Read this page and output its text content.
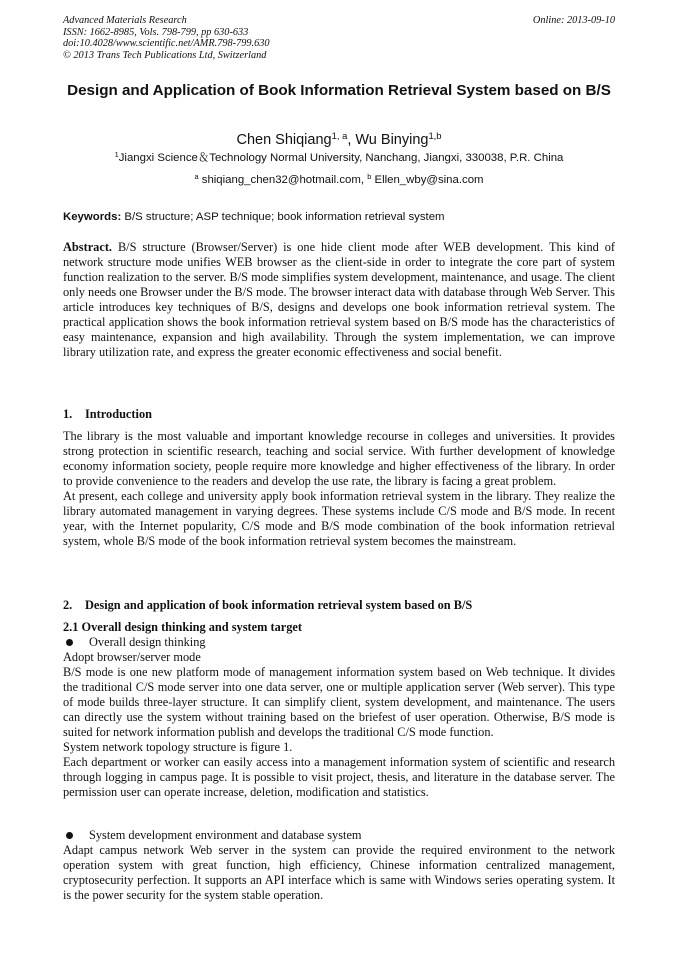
Advanced Materials Research
ISSN: 1662-8985, Vols. 798-799, pp 630-633
doi:10.4028/www.scientific.net/AMR.798-799.630
© 2013 Trans Tech Publications Ltd, Switzerland
Online: 2013-09-10
Design and Application of Book Information Retrieval System based on B/S
Chen Shiqiang$^{1, a}$, Wu Binying$^{1,b}$
$^1$Jiangxi Science＆Technology Normal University, Nanchang, Jiangxi, 330038, P.R. China
$^a$ shiqiang_chen32@hotmail.com, $^b$ Ellen_wby@sina.com
Keywords: B/S structure; ASP technique; book information retrieval system

Abstract. B/S structure (Browser/Server) is one hide client mode after WEB development. This kind of network structure mode unifies WEB browser as the client-side in order to integrate the core part of system function realization to the server. B/S mode simplifies system development, maintenance, and usage. The client only needs one Browser under the B/S mode. The browser interact data with database through Web Server. This article introduces key techniques of B/S, designs and develops one book information retrieval system. The practical application shows the book information retrieval system based on B/S mode has the characteristics of easy maintenance, expansion and high availability. Through the system implementation, we can improve library utilization rate, and express the greater economic effectiveness and social benefit.

1. Introduction

The library is the most valuable and important knowledge recourse in colleges and universities. It provides strong protection in scientific research, teaching and social service. With further development of knowledge economy information society, people require more knowledge and higher effectiveness of the library. In order to provide convenience to the readers and develop the use rate, the library is facing a great problem.

At present, each college and university apply book information retrieval system in the library. They realize the library automated management in varying degrees. These systems include C/S mode and B/S mode. In recent year, with the Internet popularity, C/S mode and B/S mode combination of the book information retrieval system, whole B/S mode of the book information retrieval system becomes the mainstream.

2. Design and application of book information retrieval system based on B/S

2.1 Overall design thinking and system target

Overall design thinking

Adopt browser/server mode

B/S mode is one new platform mode of management information system based on Web technique. It divides the traditional C/S mode server into one data server, one or multiple application server (Web server). This type of mode builds three-layer structure. It can simplify client, system development, and maintenance. The users can directly use the system without training based on the briefest of user operation. Otherwise, B/S mode is suited for network information publish and develops the traditional C/S mode function.

System network topology structure is figure 1.

Each department or worker can easily access into a management information system of scientific and research through logging in campus page. It is possible to visit project, thesis, and literature in the database server. The permission user can operate increase, deletion, modification and statistics.

System development environment and database system

Adapt campus network Web server in the system can provide the required environment to the network operation system with great function, high efficiency, Chinese information centralized management, cryptosecurity perfection. It supports an API interface which is same with Windows series operating system. It is the power security for the system stable operation.
